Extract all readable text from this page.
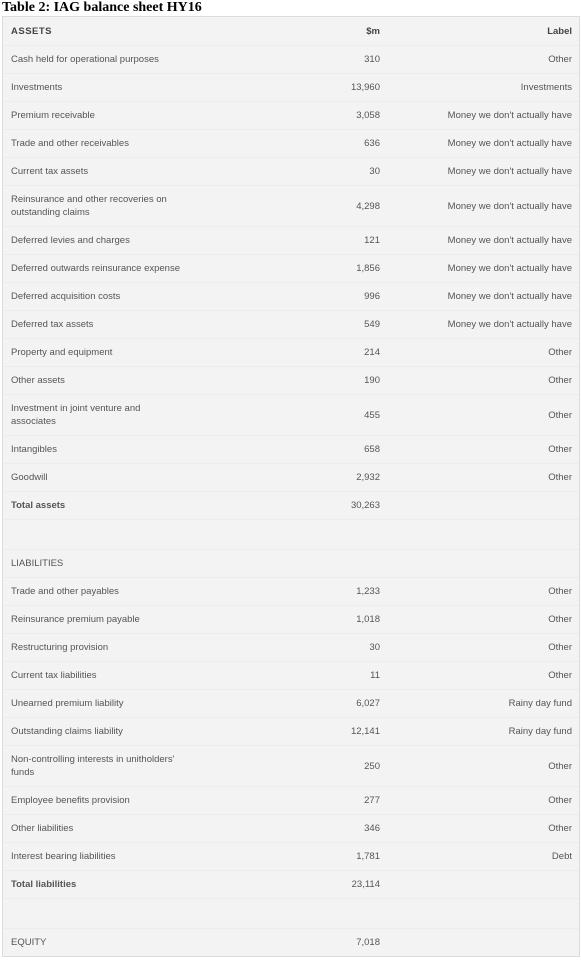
Table 2: IAG balance sheet HY16
ASSETS	$m	Label
Cash held for operational purposes	310	Other
Investments	13,960	Investments
Premium receivable	3,058	Money we don't actually have
Trade and other receivables	636	Money we don't actually have
Current tax assets	30	Money we don't actually have
Reinsurance and other recoveries on outstanding claims
4,298	Money we don't actually have
Deferred levies and charges	121	Money we don't actually have
Deferred outwards reinsurance expense	1,856	Money we don't actually have
Deferred acquisition costs	996	Money we don't actually have
Deferred tax assets	549	Money we don't actually have
Property and equipment	214	Other
Other assets	190	Other
Investment in joint venture and associates
455	Other
Intangibles	658	Other
Goodwill	2,932	Other
Total assets	30,263
LIABILITIES
Trade and other payables	1,233	Other
Reinsurance premium payable	1,018	Other
Restructuring provision	30	Other
Current tax liabilities	11	Other
Unearned premium liability	6,027	Rainy day fund
Outstanding claims liability	12,141	Rainy day fund
Non-controlling interests in unitholders' funds
250	Other
Employee benefits provision	277	Other
Other liabilities	346	Other
Interest bearing liabilities	1,781	Debt
Total liabilities	23,114
EQUITY	7,018
